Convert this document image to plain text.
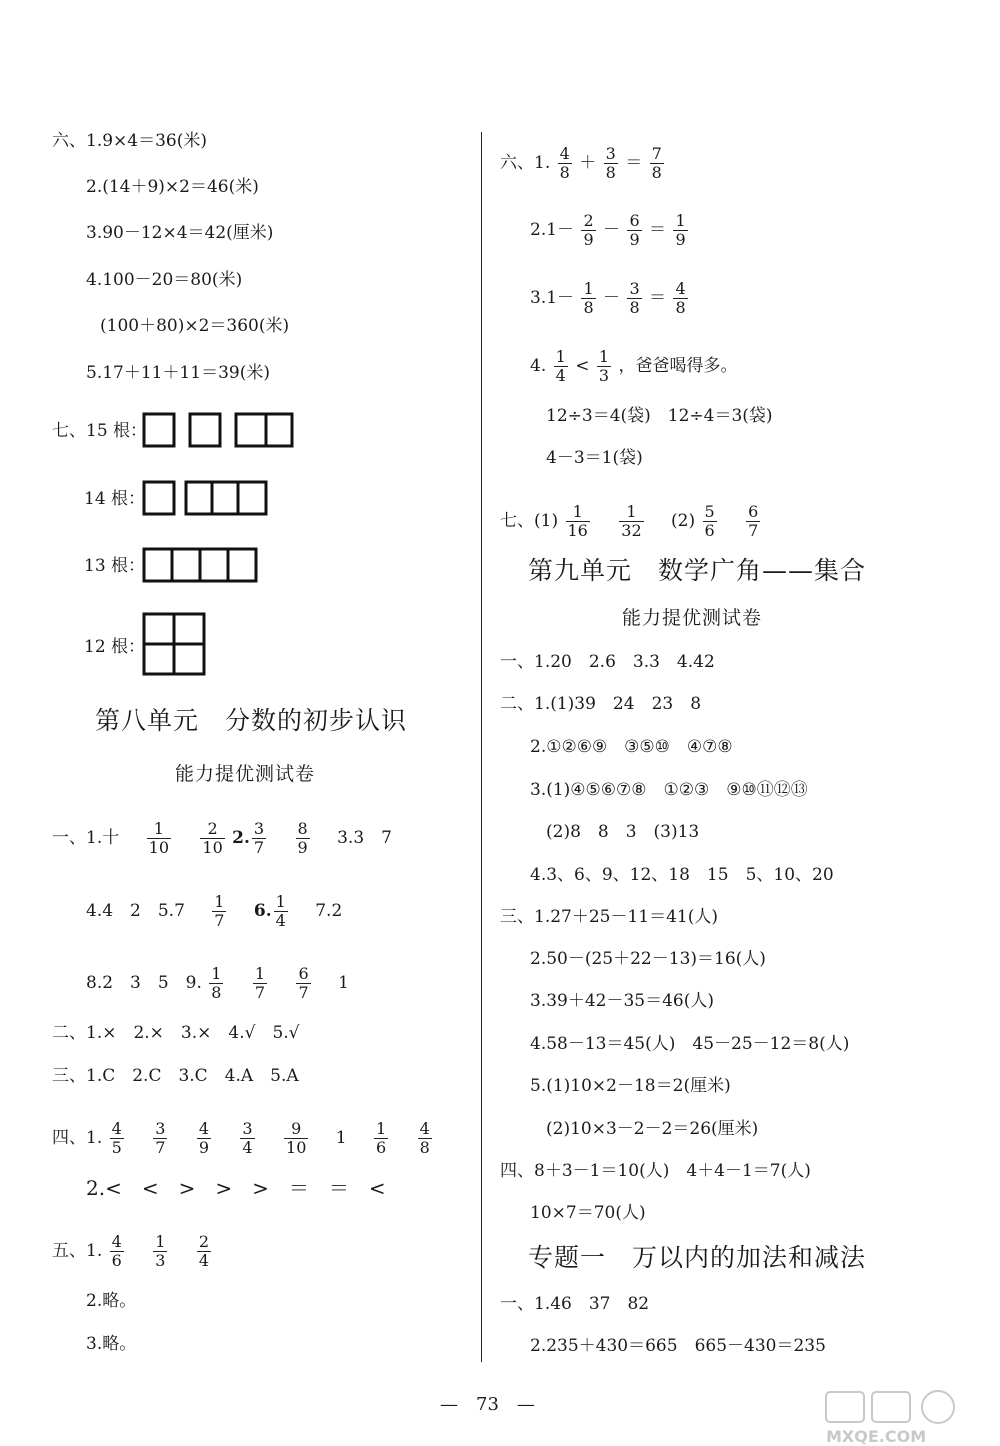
六、1.9×4＝36(米)
2.(14＋9)×2＝46(米)
3.90－12×4＝42(厘米)
4.100－20＝80(米)
(100＋80)×2＝360(米)
5.17＋11＋11＝39(米)
七、15 根：
14 根：
13 根：
12 根：
第八单元　分数的初步认识
能力提优测试卷
一、1.十 $\frac{1}{10}$
$\frac{2}{10} 2$. $\frac{3}{7}$
$\frac{8}{9} 3.3$　7
4.4　2　$5.7 \frac{1}{7} 6$. $\frac{1}{4} 7.2$
8.2　3　5　9. $\frac{1}{8}$
$\frac{1}{7}$
$\frac{6}{7} 1$
二、1.×　2.×　3.×　4.√　5.√
三、1.C　2.C　3.C　4.A　5.A
四、1. $\frac{4}{5}$
$\frac{3}{7}$
$\frac{4}{9}$
$\frac{3}{4}$
$\frac{9}{10} 1 \frac{1}{6}$
$\frac{4}{8}$
2.<　<　>　>　>　＝　＝　<
五、1. $\frac{4}{6}$
$\frac{1}{3}$
$\frac{2}{4}$
2.略。
3.略。
六、1. $\frac{4}{8} + \frac{3}{8} = \frac{7}{8}$
$2.1- \frac{2}{9} - \frac{6}{9} = \frac{1}{9}$
$3.1- \frac{1}{8} - \frac{3}{8} = \frac{4}{8}$
4. $\frac{1}{4} < \frac{1}{3}$ ，爸爸喝得多。
12÷3＝4(袋)　12÷4＝3(袋)
4－3＝1(袋)
七、$(1) \frac{1}{16}$
$\frac{1}{32} (2) \frac{5}{6}$
$\frac{6}{7}$
第九单元　数学广角——集合
能力提优测试卷
一、1.20　2.6　3.3　4.42
二、1.(1)39　24　23　8
2.①②⑥⑨　③⑤⑩　④⑦⑧
3.(1)④⑤⑥⑦⑧　①②③　⑨⑩⑪⑫⑬
(2)8　8　3　(3)13
4.3、6、9、12、18　15　5、10、20
三、1.27＋25－11＝41(人)
2.50－(25＋22－13)＝16(人)
3.39＋42－35＝46(人)
4.58－13＝45(人)　45－25－12＝8(人)
5.(1)10×2－18＝2(厘米)
(2)10×3－2－2＝26(厘米)
四、8＋3－1＝10(人)　4＋4－1＝7(人)
10×7＝70(人)
专题一　万以内的加法和减法
一、1.46　37　82
2.235＋430＝665　665－430＝235
—　73　—
MXQE.COM
